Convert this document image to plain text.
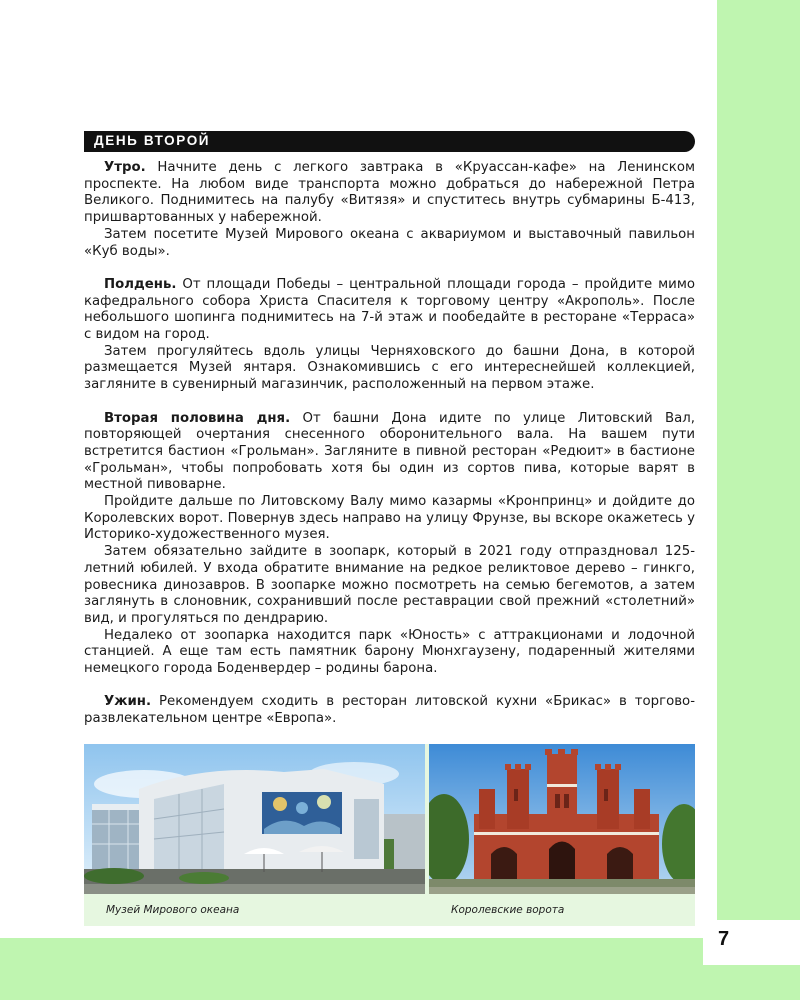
7
ДЕНЬ ВТОРОЙ

Утро. Начните день с легкого завтрака в «Круассан-кафе» на Ленинском проспекте. На любом виде транспорта можно добраться до набережной Петра Великого. Поднимитесь на палубу «Витязя» и спуститесь внутрь субмарины Б-413, пришвартованных у набережной.

Затем посетите Музей Мирового океана с аквариумом и выставочный павильон «Куб воды».

Полдень. От площади Победы – центральной площади города – пройдите мимо кафедрального собора Христа Спасителя к торговому центру «Акрополь». После небольшого шопинга поднимитесь на 7-й этаж и пообедайте в ресторане «Терраса» с видом на город.

Затем прогуляйтесь вдоль улицы Черняховского до башни Дона, в которой размещается Музей янтаря. Ознакомившись с его интереснейшей коллекцией, загляните в сувенирный магазинчик, расположенный на первом этаже.

Вторая половина дня. От башни Дона идите по улице Литовский Вал, повторяющей очертания снесенного оборонительного вала. На вашем пути встретится бастион «Грольман». Загляните в пивной ресторан «Редюит» в бастионе «Грольман», чтобы попробовать хотя бы один из сортов пива, которые варят в местной пивоварне.

Пройдите дальше по Литовскому Валу мимо казармы «Кронпринц» и дойдите до Королевских ворот. Повернув здесь направо на улицу Фрунзе, вы вскоре окажетесь у Историко-художественного музея.

Затем обязательно зайдите в зоопарк, который в 2021 году отпраздновал 125-летний юбилей. У входа обратите внимание на редкое реликтовое дерево – гинкго, ровесника динозавров. В зоопарке можно посмотреть на семью бегемотов, а затем заглянуть в слоновник, сохранивший после реставрации свой прежний «столетний» вид, и прогуляться по дендрарию.

Недалеко от зоопарка находится парк «Юность» с аттракционами и лодочной станцией. А еще там есть памятник барону Мюнхгаузену, подаренный жителями немецкого города Боденвердер – родины барона.

Ужин. Рекомендуем сходить в ресторан литовской кухни «Брикас» в торгово-развлекательном центре «Европа».

Музей Мирового океана	Королевские ворота
